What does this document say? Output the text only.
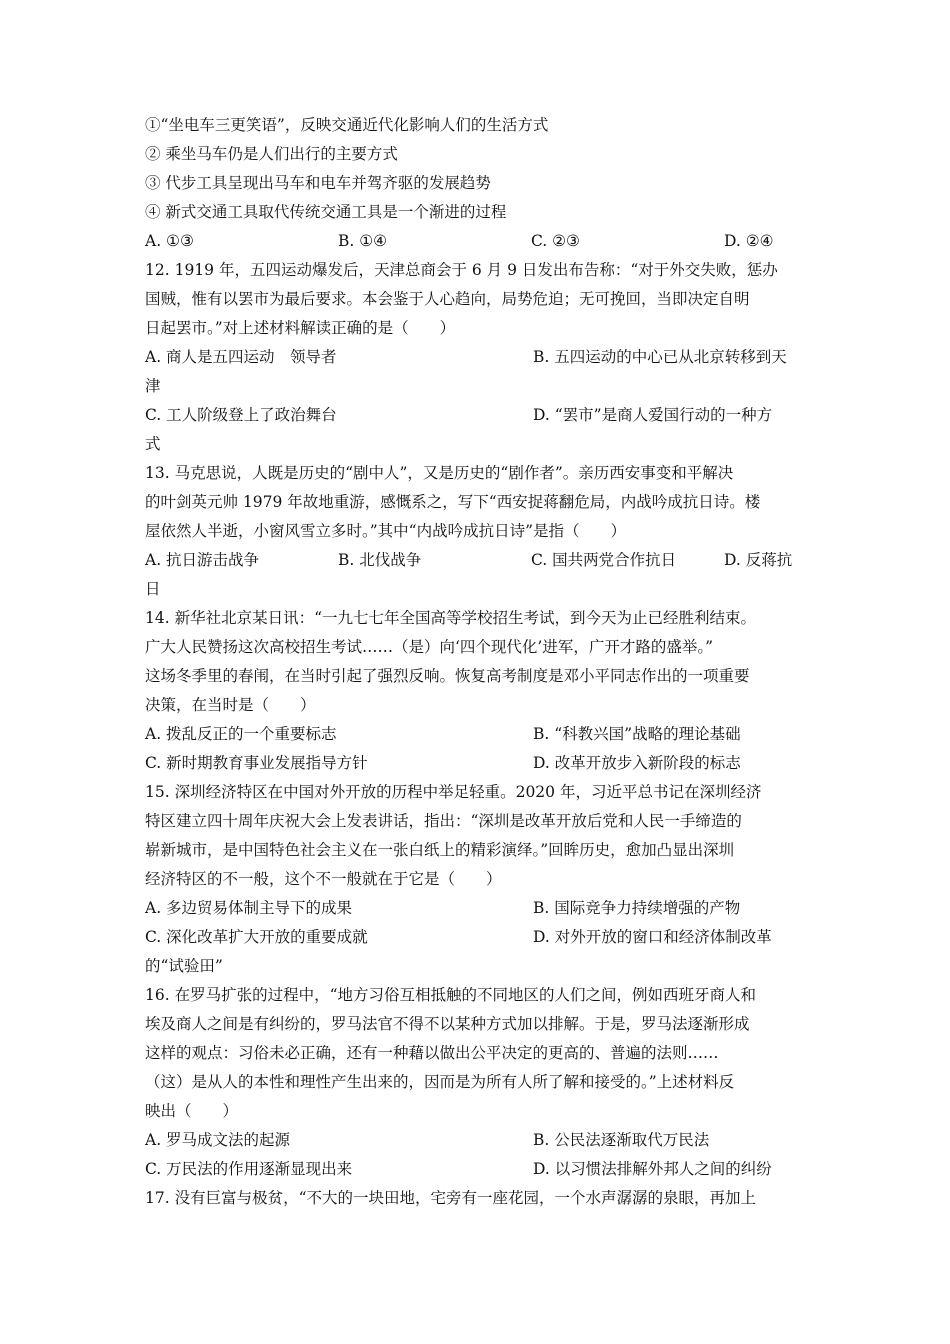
①“坐电车三更笑语”，反映交通近代化影响人们的生活方式
② 乘坐马车仍是人们出行的主要方式
③ 代步工具呈现出马车和电车并驾齐驱的发展趋势
④ 新式交通工具取代传统交通工具是一个渐进的过程
A. ①③	B. ①④	C. ②③	D. ②④
12. 1919 年，五四运动爆发后，天津总商会于 6 月 9 日发出布告称：“对于外交失败，惩办
国贼，惟有以罢市为最后要求。本会鉴于人心趋向，局势危迫；无可挽回，当即决定自明
日起罢市。”对上述材料解读正确的是（　　）
A. 商人是五四运动　领导者	B. 五四运动的中心已从北京转移到天
津
C. 工人阶级登上了政治舞台	D. “罢市”是商人爱国行动的一种方
式
13. 马克思说，人既是历史的“剧中人”，又是历史的“剧作者”。亲历西安事变和平解决
的叶剑英元帅 1979 年故地重游，感慨系之，写下“西安捉蒋翻危局，内战吟成抗日诗。楼
屋依然人半逝，小窗风雪立多时。”其中“内战吟成抗日诗”是指（　　）
A. 抗日游击战争	B. 北伐战争	C. 国共两党合作抗日	D. 反蒋抗
日
14. 新华社北京某日讯：“一九七七年全国高等学校招生考试，到今天为止已经胜利结束。
广大人民赞扬这次高校招生考试……（是）向‘四个现代化’进军，广开才路的盛举。”
这场冬季里的春闱，在当时引起了强烈反响。恢复高考制度是邓小平同志作出的一项重要
决策，在当时是（　　）
A. 拨乱反正的一个重要标志	B. “科教兴国”战略的理论基础
C. 新时期教育事业发展指导方针	D. 改革开放步入新阶段的标志
15. 深圳经济特区在中国对外开放的历程中举足轻重。2020 年，习近平总书记在深圳经济
特区建立四十周年庆祝大会上发表讲话，指出：“深圳是改革开放后党和人民一手缔造的
崭新城市，是中国特色社会主义在一张白纸上的精彩演绎。”回眸历史，愈加凸显出深圳
经济特区的不一般，这个不一般就在于它是（　　）
A. 多边贸易体制主导下的成果	B. 国际竞争力持续增强的产物
C. 深化改革扩大开放的重要成就	D. 对外开放的窗口和经济体制改革
的“试验田”
16. 在罗马扩张的过程中，“地方习俗互相抵触的不同地区的人们之间，例如西班牙商人和
埃及商人之间是有纠纷的，罗马法官不得不以某种方式加以排解。于是，罗马法逐渐形成
这样的观点：习俗未必正确，还有一种藉以做出公平决定的更高的、普遍的法则……
（这）是从人的本性和理性产生出来的，因而是为所有人所了解和接受的。”上述材料反
映出（　　）
A. 罗马成文法的起源	B. 公民法逐渐取代万民法
C. 万民法的作用逐渐显现出来	D. 以习惯法排解外邦人之间的纠纷
17. 没有巨富与极贫，“不大的一块田地，宅旁有一座花园，一个水声潺潺的泉眼，再加上
